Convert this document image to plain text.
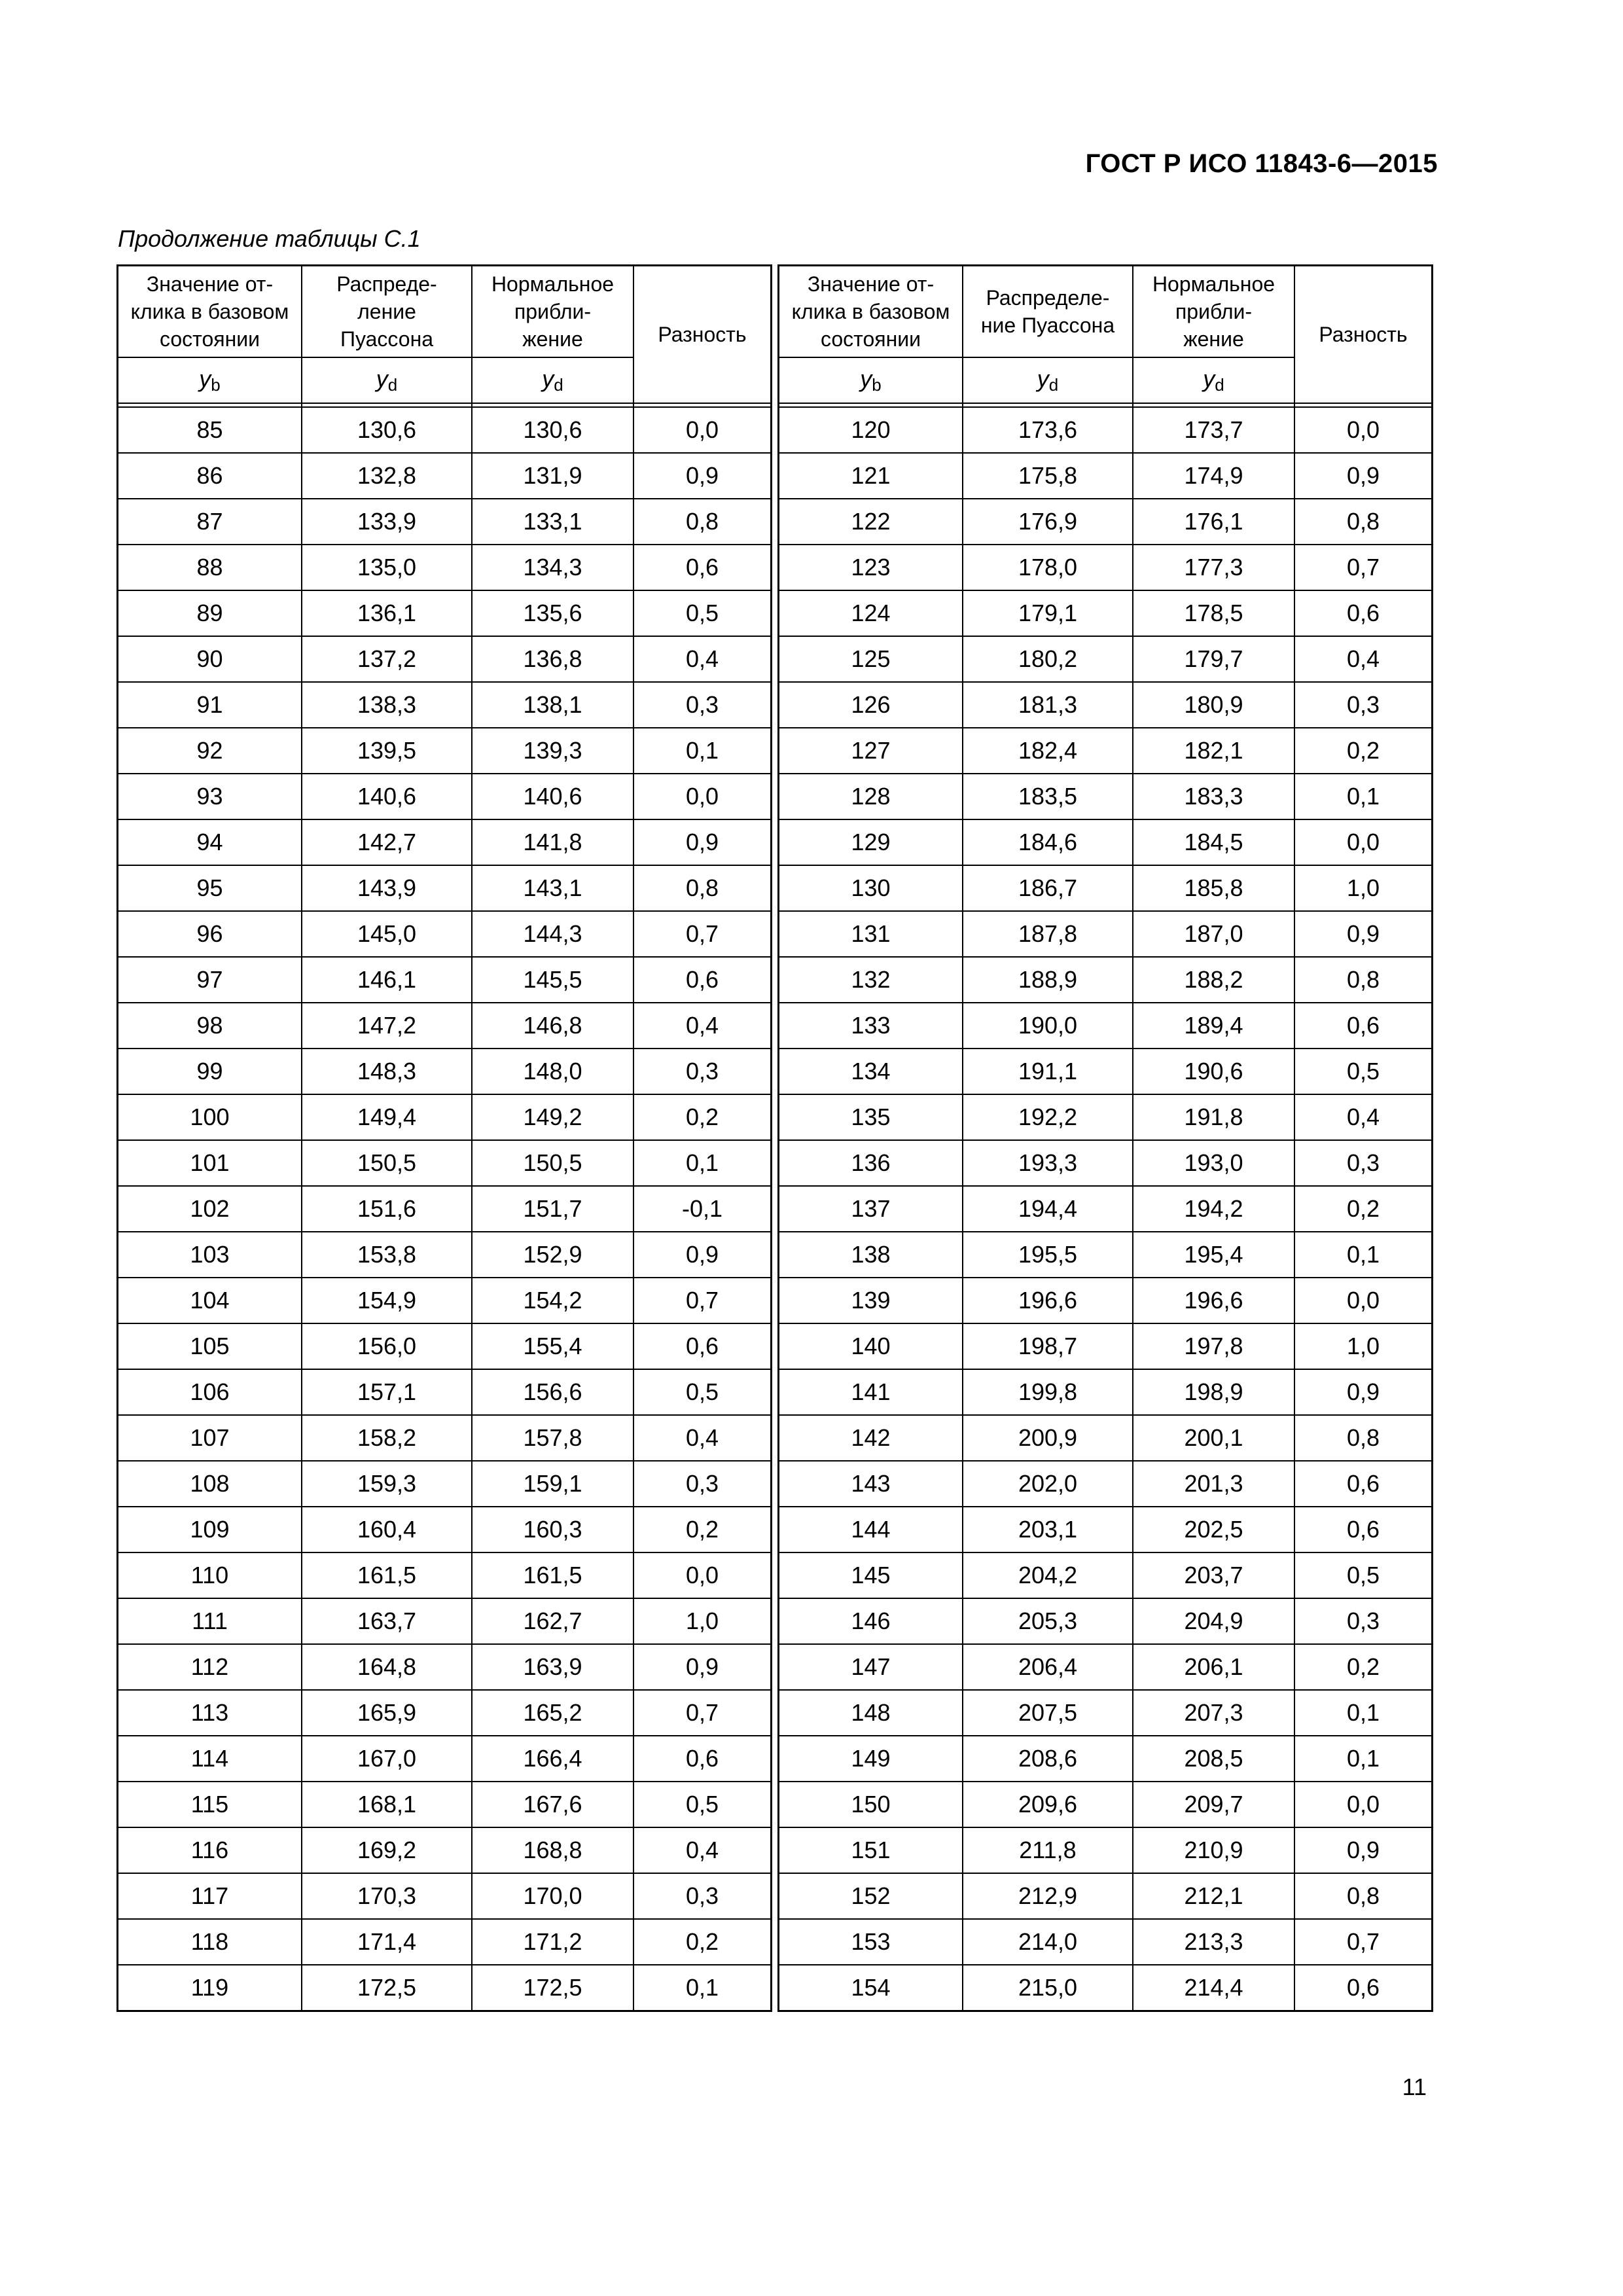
ГОСТ Р ИСО 11843-6—2015
Продолжение таблицы С.1
Значение от-
клика в базовом
состоянии	Распреде-
ление
Пуассона	Нормальное
прибли-
жение	Разность
$y_b$	$y_d$	$y_d$

85	130,6	130,6	0,0
86	132,8	131,9	0,9
87	133,9	133,1	0,8
88	135,0	134,3	0,6
89	136,1	135,6	0,5
90	137,2	136,8	0,4
91	138,3	138,1	0,3
92	139,5	139,3	0,1
93	140,6	140,6	0,0
94	142,7	141,8	0,9
95	143,9	143,1	0,8
96	145,0	144,3	0,7
97	146,1	145,5	0,6
98	147,2	146,8	0,4
99	148,3	148,0	0,3
100	149,4	149,2	0,2
101	150,5	150,5	0,1
102	151,6	151,7	-0,1
103	153,8	152,9	0,9
104	154,9	154,2	0,7
105	156,0	155,4	0,6
106	157,1	156,6	0,5
107	158,2	157,8	0,4
108	159,3	159,1	0,3
109	160,4	160,3	0,2
110	161,5	161,5	0,0
111	163,7	162,7	1,0
112	164,8	163,9	0,9
113	165,9	165,2	0,7
114	167,0	166,4	0,6
115	168,1	167,6	0,5
116	169,2	168,8	0,4
117	170,3	170,0	0,3
118	171,4	171,2	0,2
119	172,5	172,5	0,1
Значение от-
клика в базовом
состоянии	Распределе-
ние Пуассона	Нормальное
прибли-
жение	Разность
$y_b$	$y_d$	$y_d$

120	173,6	173,7	0,0
121	175,8	174,9	0,9
122	176,9	176,1	0,8
123	178,0	177,3	0,7
124	179,1	178,5	0,6
125	180,2	179,7	0,4
126	181,3	180,9	0,3
127	182,4	182,1	0,2
128	183,5	183,3	0,1
129	184,6	184,5	0,0
130	186,7	185,8	1,0
131	187,8	187,0	0,9
132	188,9	188,2	0,8
133	190,0	189,4	0,6
134	191,1	190,6	0,5
135	192,2	191,8	0,4
136	193,3	193,0	0,3
137	194,4	194,2	0,2
138	195,5	195,4	0,1
139	196,6	196,6	0,0
140	198,7	197,8	1,0
141	199,8	198,9	0,9
142	200,9	200,1	0,8
143	202,0	201,3	0,6
144	203,1	202,5	0,6
145	204,2	203,7	0,5
146	205,3	204,9	0,3
147	206,4	206,1	0,2
148	207,5	207,3	0,1
149	208,6	208,5	0,1
150	209,6	209,7	0,0
151	211,8	210,9	0,9
152	212,9	212,1	0,8
153	214,0	213,3	0,7
154	215,0	214,4	0,6
11
